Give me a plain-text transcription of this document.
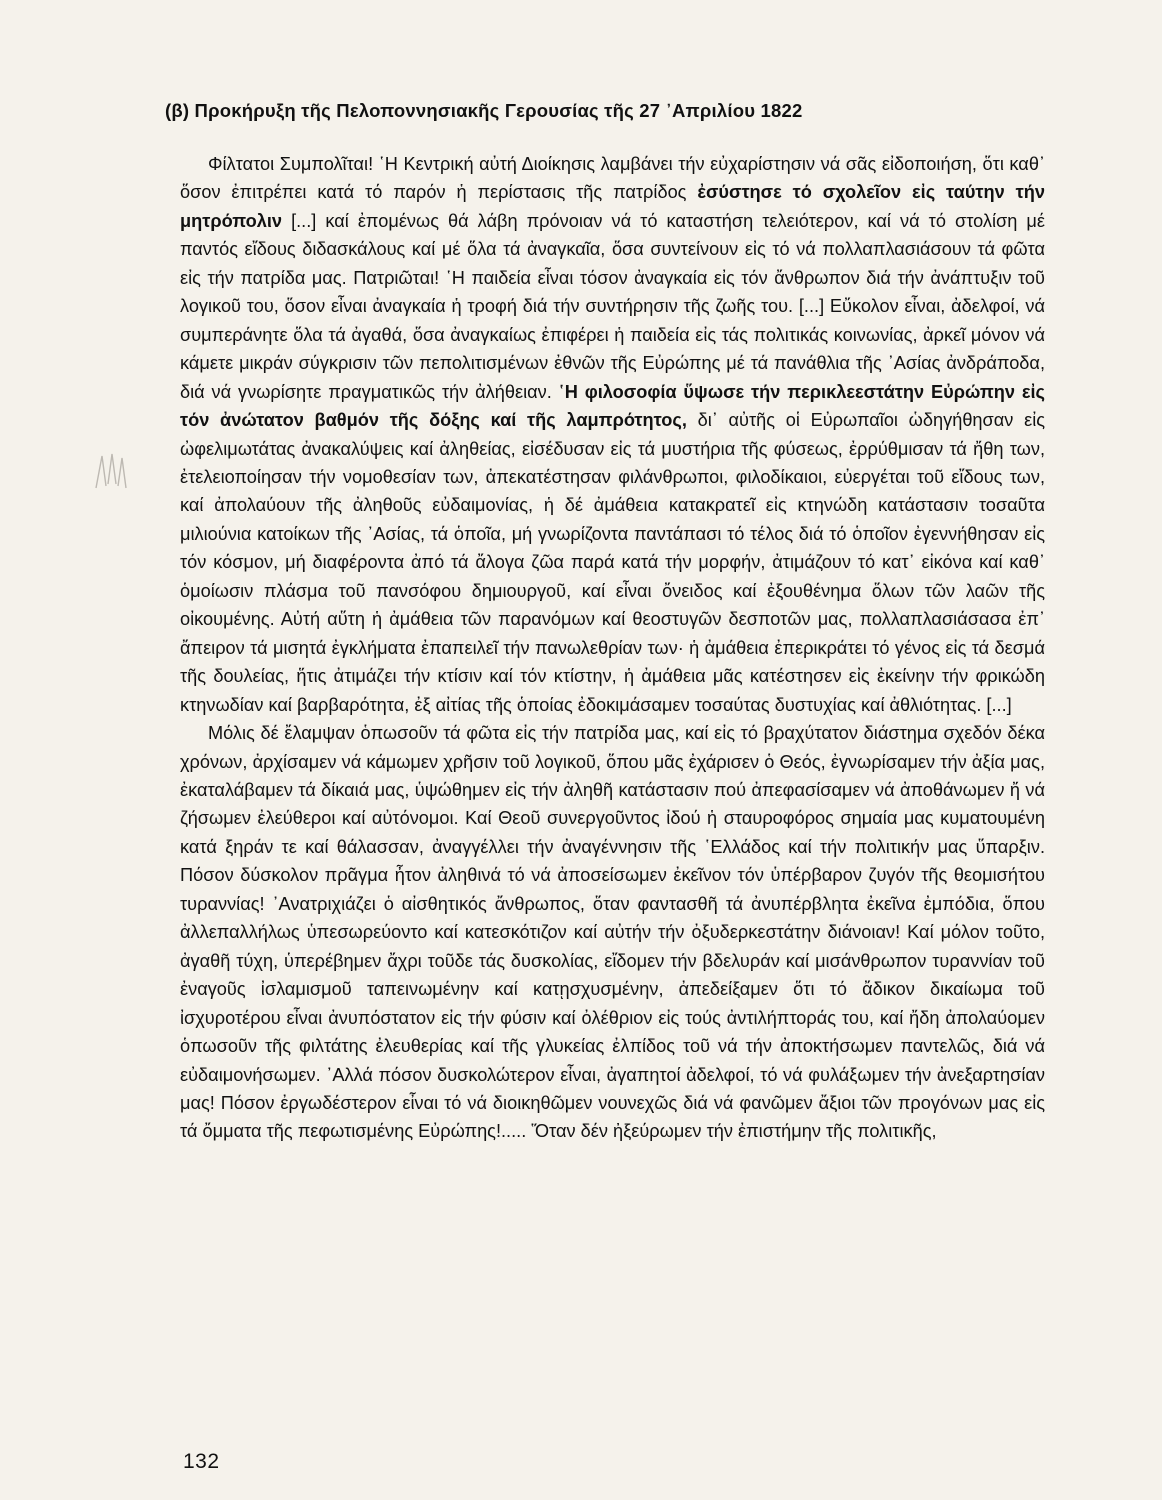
(β) Προκήρυξη τῆς Πελοποννησιακῆς Γερουσίας τῆς 27 ᾽Απριλίου 1822

Φίλτατοι Συμπολῖται! ῾Η Κεντρική αὐτή Διοίκησις λαμβάνει τήν εὐχαρίστησιν νά σᾶς εἰδοποιήση, ὅτι καθ᾽ ὅσον ἐπιτρέπει κατά τό παρόν ἡ περίστασις τῆς πατρίδος ἐσύστησε τό σχολεῖον εἰς ταύτην τήν μητρόπολιν [...] καί ἐπομένως θά λάβη πρόνοιαν νά τό καταστήση τελειότερον, καί νά τό στολίση μέ παντός εἴδους διδασκάλους καί μέ ὅλα τά ἀναγκαῖα, ὅσα συντείνουν εἰς τό νά πολλαπλασιάσουν τά φῶτα εἰς τήν πατρίδα μας. Πατριῶται! ῾Η παιδεία εἶναι τόσον ἀναγκαία εἰς τόν ἄνθρωπον διά τήν ἀνάπτυξιν τοῦ λογικοῦ του, ὅσον εἶναι ἀναγκαία ἡ τροφή διά τήν συντήρησιν τῆς ζωῆς του. [...] Εὔκολον εἶναι, ἀδελφοί, νά συμπεράνητε ὅλα τά ἀγαθά, ὅσα ἀναγκαίως ἐπιφέρει ἡ παιδεία εἰς τάς πολιτικάς κοινωνίας, ἀρκεῖ μόνον νά κάμετε μικράν σύγκρισιν τῶν πεπολιτισμένων ἐθνῶν τῆς Εὐρώπης μέ τά πανάθλια τῆς ᾽Ασίας ἀνδράποδα, διά νά γνωρίσητε πραγματικῶς τήν ἀλήθειαν. ῾Η φιλοσοφία ὕψωσε τήν περικλεεστάτην Εὐρώπην εἰς τόν ἀνώτατον βαθμόν τῆς δόξης καί τῆς λαμπρότητος, δι᾽ αὐτῆς οἱ Εὐρωπαῖοι ὡδηγήθησαν εἰς ὠφελιμωτάτας ἀνακαλύψεις καί ἀληθείας, εἰσέδυσαν εἰς τά μυστήρια τῆς φύσεως, ἐρρύθμισαν τά ἤθη των, ἐτελειοποίησαν τήν νομοθεσίαν των, ἀπεκατέστησαν φιλάνθρωποι, φιλοδίκαιοι, εὐεργέται τοῦ εἴδους των, καί ἀπολαύουν τῆς ἀληθοῦς εὐδαιμονίας, ἡ δέ ἀμάθεια κατακρατεῖ εἰς κτηνώδη κατάστασιν τοσαῦτα μιλιούνια κατοίκων τῆς ᾽Ασίας, τά ὁποῖα, μή γνωρίζοντα παντάπασι τό τέλος διά τό ὁποῖον ἐγεννήθησαν εἰς τόν κόσμον, μή διαφέροντα ἀπό τά ἄλογα ζῶα παρά κατά τήν μορφήν, ἀτιμάζουν τό κατ᾽ εἰκόνα καί καθ᾽ ὁμοίωσιν πλάσμα τοῦ πανσόφου δημιουργοῦ, καί εἶναι ὄνειδος καί ἐξουθένημα ὅλων τῶν λαῶν τῆς οἰκουμένης. Αὐτή αὕτη ἡ ἀμάθεια τῶν παρανόμων καί θεοστυγῶν δεσποτῶν μας, πολλαπλασιάσασα ἐπ᾽ ἄπειρον τά μισητά ἐγκλήματα ἐπαπειλεῖ τήν πανωλεθρίαν των· ἡ ἀμάθεια ἐπερικράτει τό γένος εἰς τά δεσμά τῆς δουλείας, ἥτις ἀτιμάζει τήν κτίσιν καί τόν κτίστην, ἡ ἀμάθεια μᾶς κατέστησεν εἰς ἐκείνην τήν φρικώδη κτηνωδίαν καί βαρβαρότητα, ἐξ αἰτίας τῆς ὁποίας ἐδοκιμάσαμεν τοσαύτας δυστυχίας καί ἀθλιότητας. [...]

Μόλις δέ ἔλαμψαν ὁπωσοῦν τά φῶτα εἰς τήν πατρίδα μας, καί εἰς τό βραχύτατον διάστημα σχεδόν δέκα χρόνων, ἀρχίσαμεν νά κάμωμεν χρῆσιν τοῦ λογικοῦ, ὅπου μᾶς ἐχάρισεν ὁ Θεός, ἐγνωρίσαμεν τήν ἀξία μας, ἐκαταλάβαμεν τά δίκαιά μας, ὑψώθημεν εἰς τήν ἀληθῆ κατάστασιν πού ἀπεφασίσαμεν νά ἀποθάνωμεν ἤ νά ζήσωμεν ἐλεύθεροι καί αὐτόνομοι. Καί Θεοῦ συνεργοῦντος ἰδού ἡ σταυροφόρος σημαία μας κυματουμένη κατά ξηράν τε καί θάλασσαν, ἀναγγέλλει τήν ἀναγέννησιν τῆς ῾Ελλάδος καί τήν πολιτικήν μας ὕπαρξιν. Πόσον δύσκολον πρᾶγμα ἦτον ἀληθινά τό νά ἀποσείσωμεν ἐκεῖνον τόν ὑπέρβαρον ζυγόν τῆς θεομισήτου τυραννίας! ᾽Ανατριχιάζει ὁ αἰσθητικός ἄνθρωπος, ὅταν φαντασθῆ τά ἀνυπέρβλητα ἐκεῖνα ἐμπόδια, ὅπου ἀλλεπαλλήλως ὑπεσωρεύοντο καί κατεσκότιζον καί αὐτήν τήν ὀξυδερκεστάτην διάνοιαν! Καί μόλον τοῦτο, ἀγαθῆ τύχη, ὑπερέβημεν ἄχρι τοῦδε τάς δυσκολίας, εἴδομεν τήν βδελυράν καί μισάνθρωπον τυραννίαν τοῦ ἐναγοῦς ἰσλαμισμοῦ ταπεινωμένην καί κατῃσχυσμένην, ἀπεδείξαμεν ὅτι τό ἄδικον δικαίωμα τοῦ ἰσχυροτέρου εἶναι ἀνυπόστατον εἰς τήν φύσιν καί ὀλέθριον εἰς τούς ἀντιλήπτοράς του, καί ἤδη ἀπολαύομεν ὁπωσοῦν τῆς φιλτάτης ἐλευθερίας καί τῆς γλυκείας ἐλπίδος τοῦ νά τήν ἀποκτήσωμεν παντελῶς, διά νά εὐδαιμονήσωμεν. ᾽Αλλά πόσον δυσκολώτερον εἶναι, ἀγαπητοί ἀδελφοί, τό νά φυλάξωμεν τήν ἀνεξαρτησίαν μας! Πόσον ἐργωδέστερον εἶναι τό νά διοικηθῶμεν νουνεχῶς διά νά φανῶμεν ἄξιοι τῶν προγόνων μας εἰς τά ὄμματα τῆς πεφωτισμένης Εὐρώπης!..... Ὅταν δέν ἠξεύρωμεν τήν ἐπιστήμην τῆς πολιτικῆς,

132
